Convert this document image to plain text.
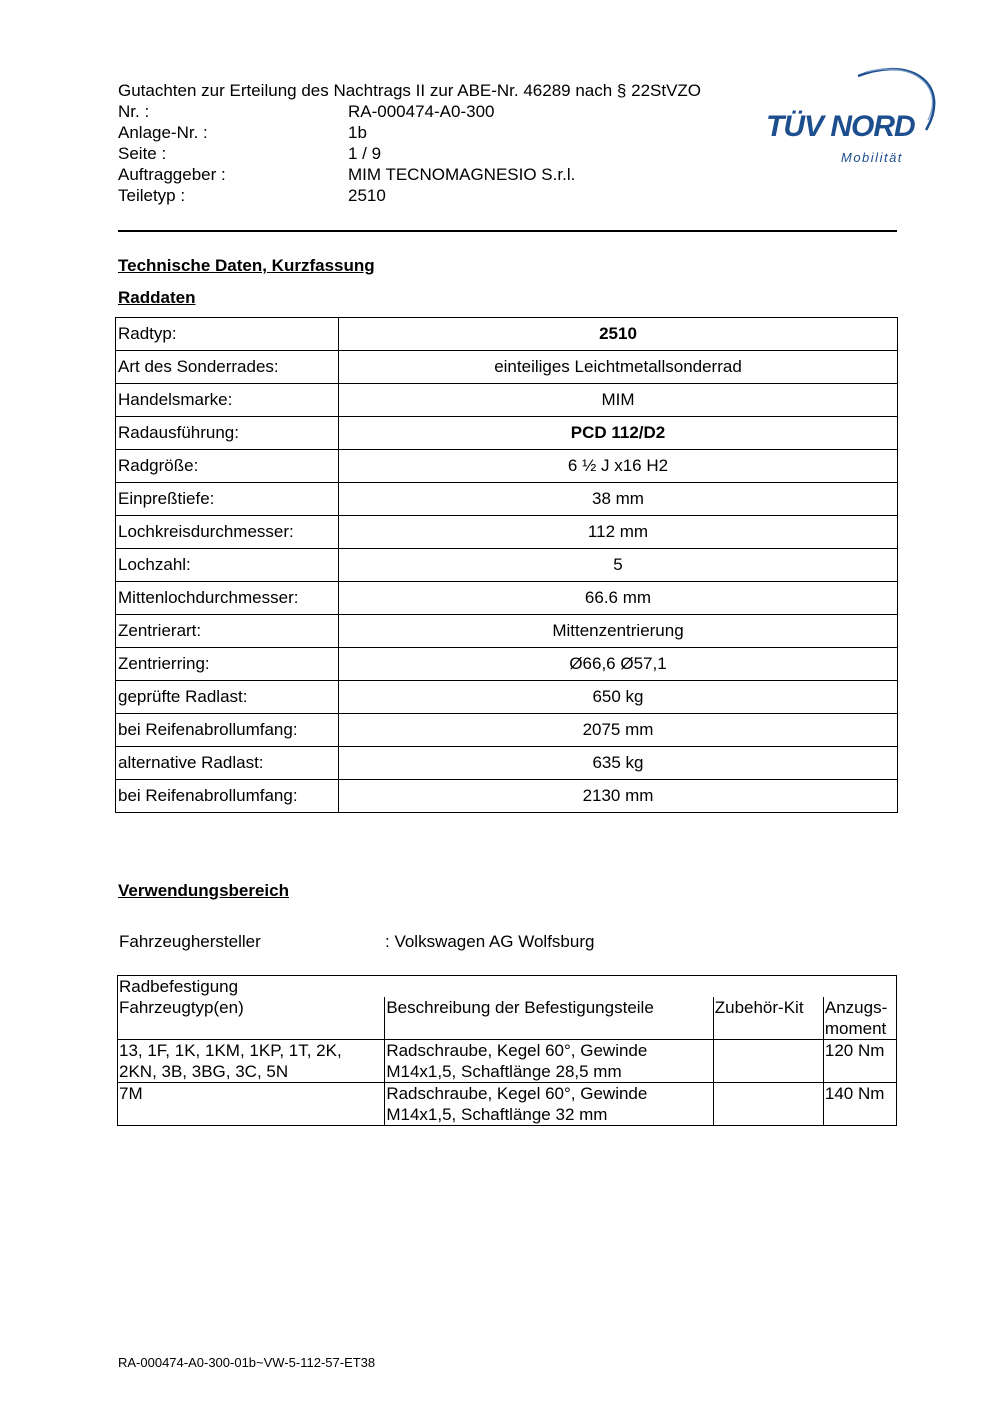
Gutachten zur Erteilung des Nachtrags II zur ABE-Nr. 46289 nach § 22StVZO
Nr. :	RA-000474-A0-300
Anlage-Nr. :	1b
Seite :	1 / 9
Auftraggeber :	MIM TECNOMAGNESIO S.r.l.
Teiletyp :	2510
TÜV NORD
Mobilität
Technische Daten, Kurzfassung
Raddaten
Radtyp:	2510
Art des Sonderrades:	einteiliges Leichtmetallsonderrad
Handelsmarke:	MIM
Radausführung:	PCD 112/D2
Radgröße:	6 ½ J x16 H2
Einpreßtiefe:	38 mm
Lochkreisdurchmesser:	112 mm
Lochzahl:	5
Mittenlochdurchmesser:	66.6 mm
Zentrierart:	Mittenzentrierung
Zentrierring:	Ø66,6 Ø57,1
geprüfte Radlast:	650 kg
bei Reifenabrollumfang:	2075 mm
alternative Radlast:	635 kg
bei Reifenabrollumfang:	2130 mm
Verwendungsbereich
Fahrzeughersteller	: Volkswagen AG Wolfsburg
Radbefestigung			
Fahrzeugtyp(en)	Beschreibung der Befestigungsteile	Zubehör-Kit	Anzugs-moment
13, 1F, 1K, 1KM, 1KP, 1T, 2K, 2KN, 3B, 3BG, 3C, 5N	Radschraube, Kegel 60°, Gewinde M14x1,5, Schaftlänge 28,5 mm		120 Nm
7M	Radschraube, Kegel 60°, Gewinde M14x1,5, Schaftlänge 32 mm		140 Nm
RA-000474-A0-300-01b~VW-5-112-57-ET38
